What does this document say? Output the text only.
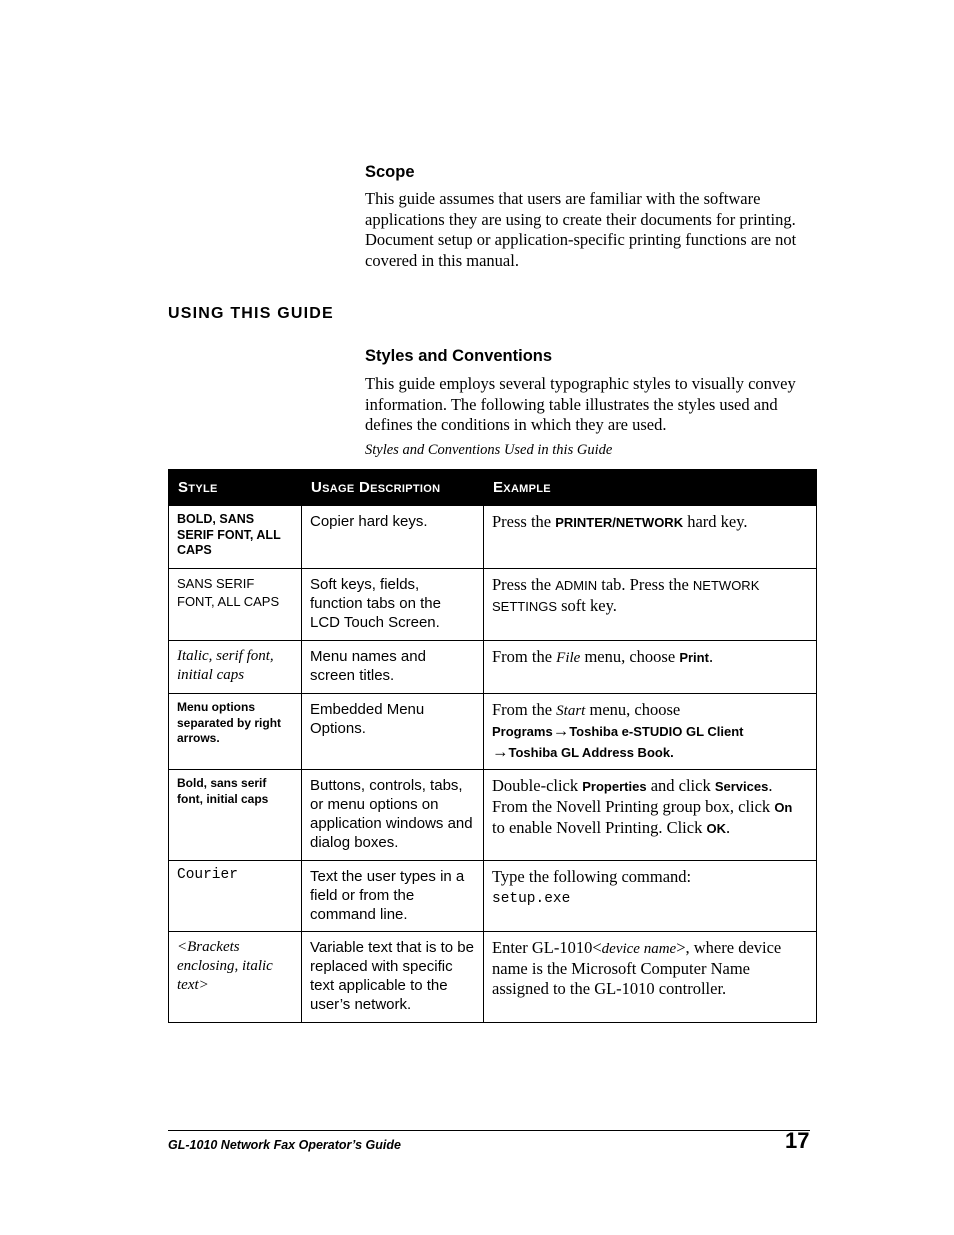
Scope
This guide assumes that users are familiar with the software applications they are using to create their documents for printing. Document setup or application-specific printing functions are not covered in this manual.
USING THIS GUIDE
Styles and Conventions
This guide employs several typographic styles to visually convey information. The following table illustrates the styles used and defines the conditions in which they are used.
Styles and Conventions Used in this Guide
Style	Usage Description	Example
BOLD, SANS SERIF FONT, ALL CAPS	Copier hard keys.	Press the PRINTER/NETWORK hard key.
SANS SERIF FONT, ALL CAPS	Soft keys, fields, function tabs on the LCD Touch Screen.	Press the ADMIN tab. Press the NETWORK SETTINGS soft key.
Italic, serif font, initial caps	Menu names and screen titles.	From the File menu, choose Print.
Menu options separated by right arrows.	Embedded Menu Options.	From the Start menu, choose
Programs→Toshiba e-STUDIO GL Client
→Toshiba GL Address Book.
Bold, sans serif font, initial caps	Buttons, controls, tabs, or menu options on application windows and dialog boxes.	Double-click Properties and click Services. From the Novell Printing group box, click On to enable Novell Printing. Click OK.
Courier	Text the user types in a field or from the command line.	Type the following command:
setup.exe
<Brackets enclosing, italic text>	Variable text that is to be replaced with specific text applicable to the user’s network.	Enter GL-1010<device name>, where device name is the Microsoft Computer Name assigned to the GL-1010 controller.
GL-1010 Network Fax Operator’s Guide	17
